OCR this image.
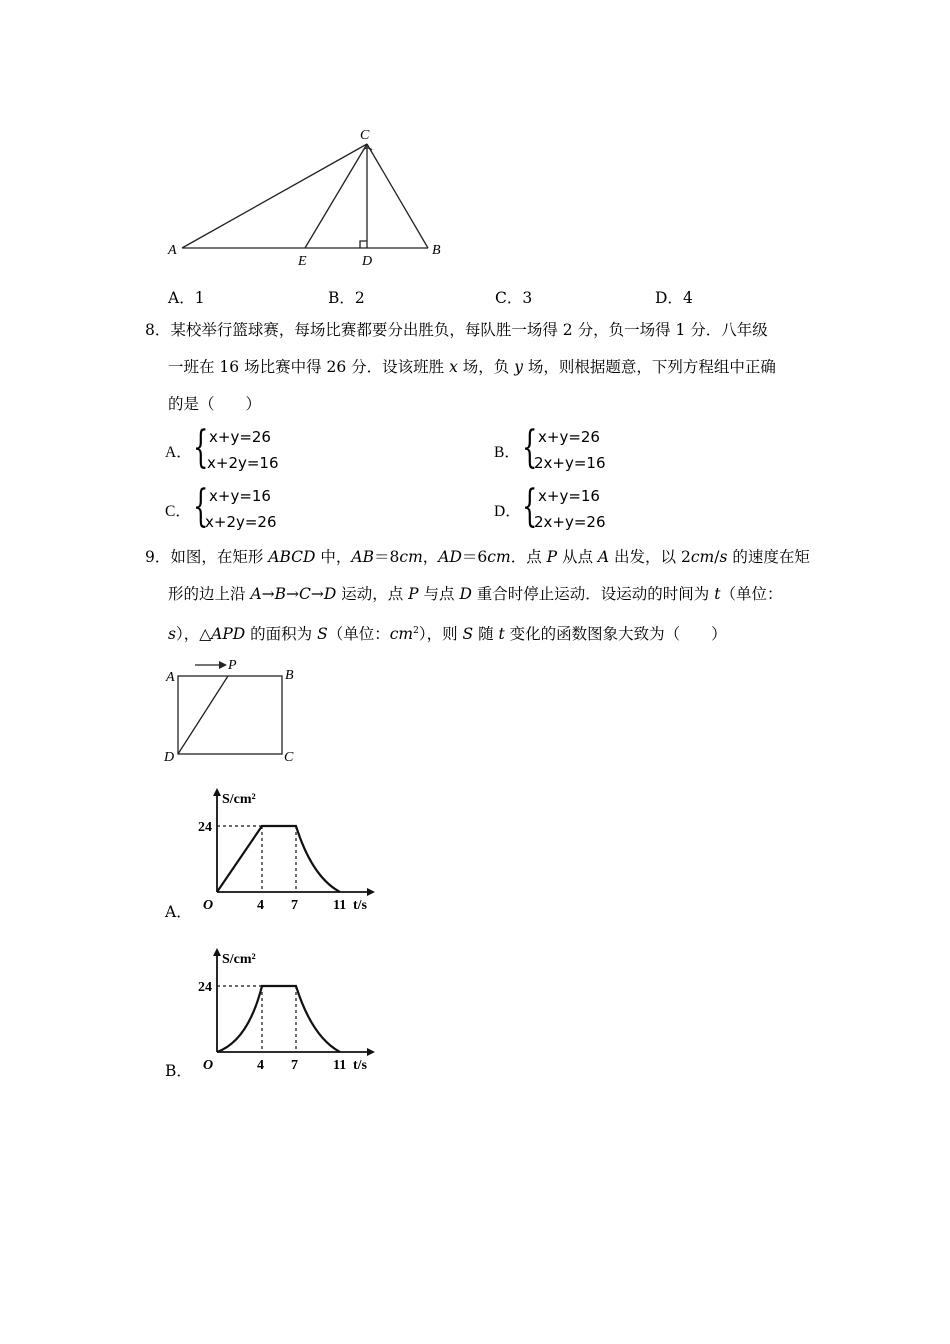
C
A	B
E	D
A．1	B．2	C．3	D．4
8．某校举行篮球赛，每场比赛都要分出胜负，每队胜一场得 2 分，负一场得 1 分．八年级
一班在 16 场比赛中得 26 分．设该班胜 x 场，负 y 场，则根据题意，下列方程组中正确
的是（　　）
A． { x+y=26
x+2y=16
B． { x+y=26
2x+y=16
C． { x+y=16
x+2y=26
D． { x+y=16
2x+y=26
9．如图，在矩形 ABCD 中，AB＝8cm，AD＝6cm．点 P 从点 A 出发，以 2cm/s 的速度在矩
形的边上沿 A→B→C→D 运动，点 P 与点 D 重合时停止运动．设运动的时间为 t（单位：
s），△APD 的面积为 S（单位：$cm^2$），则 S 随 t 变化的函数图象大致为（　　）
A
P
B
D	C
S/cm²
24
O	4 7	11 t/s
A．
S/cm²
24
O	4 7	11 t/s
B．
